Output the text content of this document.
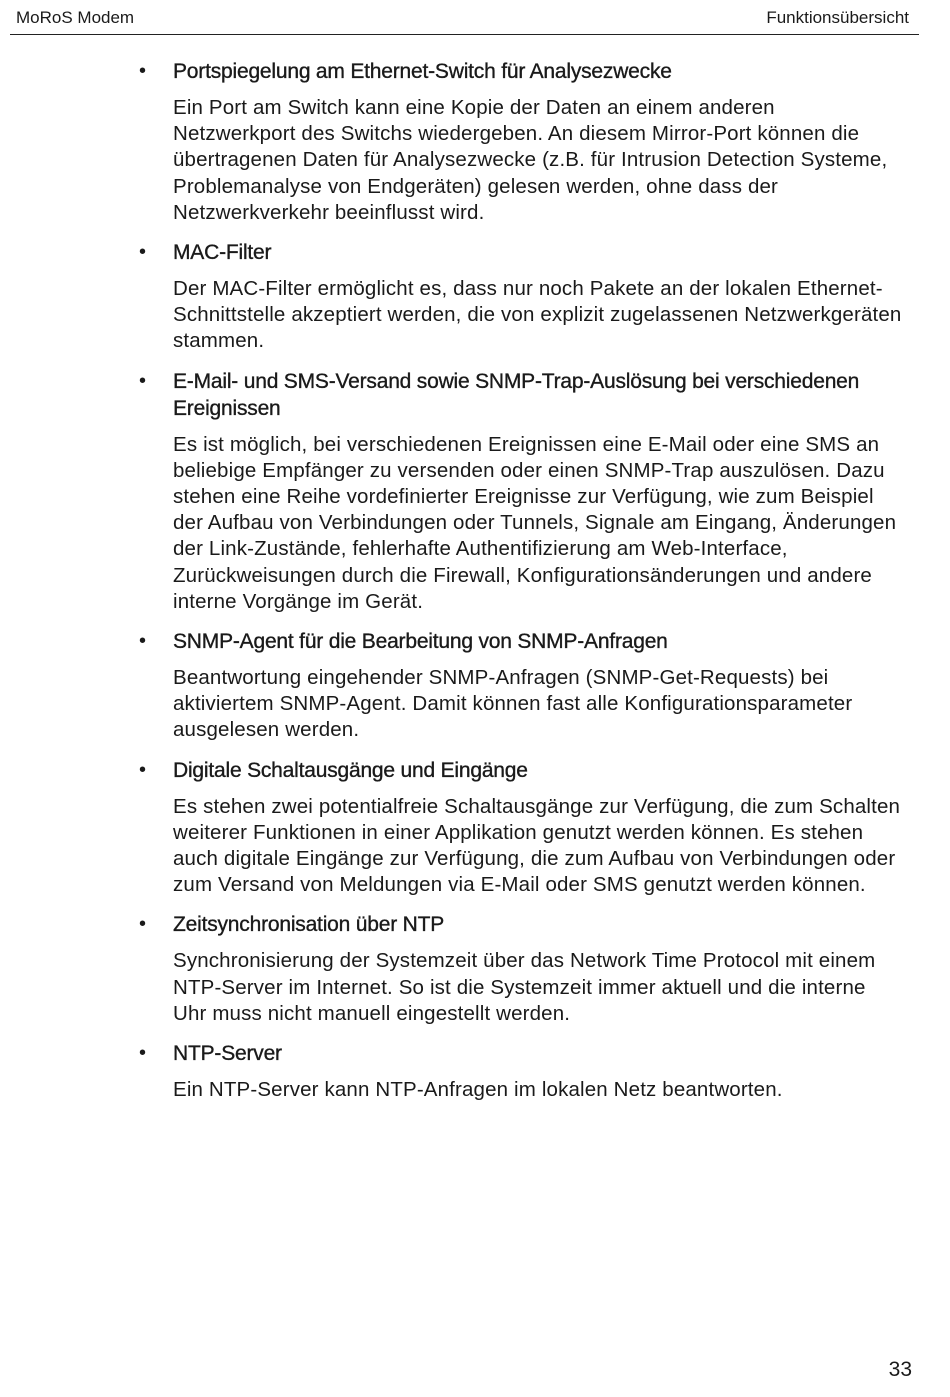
MoRoS Modem	Funktionsübersicht
• Portspiegelung am Ethernet-Switch für Analysezwecke
Ein Port am Switch kann eine Kopie der Daten an einem anderen Netzwerkport des Switchs wiedergeben. An diesem Mirror-Port können die übertragenen Daten für Analysezwecke (z.B. für Intrusion Detection Systeme, Problemanalyse von Endgeräten) gelesen werden, ohne dass der Netzwerkverkehr beeinflusst wird.
• MAC-Filter
Der MAC-Filter ermöglicht es, dass nur noch Pakete an der lokalen Ethernet-Schnittstelle akzeptiert werden, die von explizit zugelassenen Netzwerkgeräten stammen.
• E-Mail- und SMS-Versand sowie SNMP-Trap-Auslösung bei verschiedenen Ereignissen
Es ist möglich, bei verschiedenen Ereignissen eine E-Mail oder eine SMS an beliebige Empfänger zu versenden oder einen SNMP-Trap auszulösen. Dazu stehen eine Reihe vordefinierter Ereignisse zur Verfügung, wie zum Beispiel der Aufbau von Verbindungen oder Tunnels, Signale am Eingang, Änderungen der Link-Zustände, fehlerhafte Authentifizierung am Web-Interface, Zurückweisungen durch die Firewall, Konfigurationsänderungen und andere interne Vorgänge im Gerät.
• SNMP-Agent für die Bearbeitung von SNMP-Anfragen
Beantwortung eingehender SNMP-Anfragen (SNMP-Get-Requests) bei aktiviertem SNMP-Agent. Damit können fast alle Konfigurationsparameter ausgelesen werden.
• Digitale Schaltausgänge und Eingänge
Es stehen zwei potentialfreie Schaltausgänge zur Verfügung, die zum Schalten weiterer Funktionen in einer Applikation genutzt werden können. Es stehen auch digitale Eingänge zur Verfügung, die zum Aufbau von Verbindungen oder zum Versand von Meldungen via E-Mail oder SMS genutzt werden können.
• Zeitsynchronisation über NTP
Synchronisierung der Systemzeit über das Network Time Protocol mit einem NTP-Server im Internet. So ist die Systemzeit immer aktuell und die interne Uhr muss nicht manuell eingestellt werden.
• NTP-Server
Ein NTP-Server kann NTP-Anfragen im lokalen Netz beantworten.
33
